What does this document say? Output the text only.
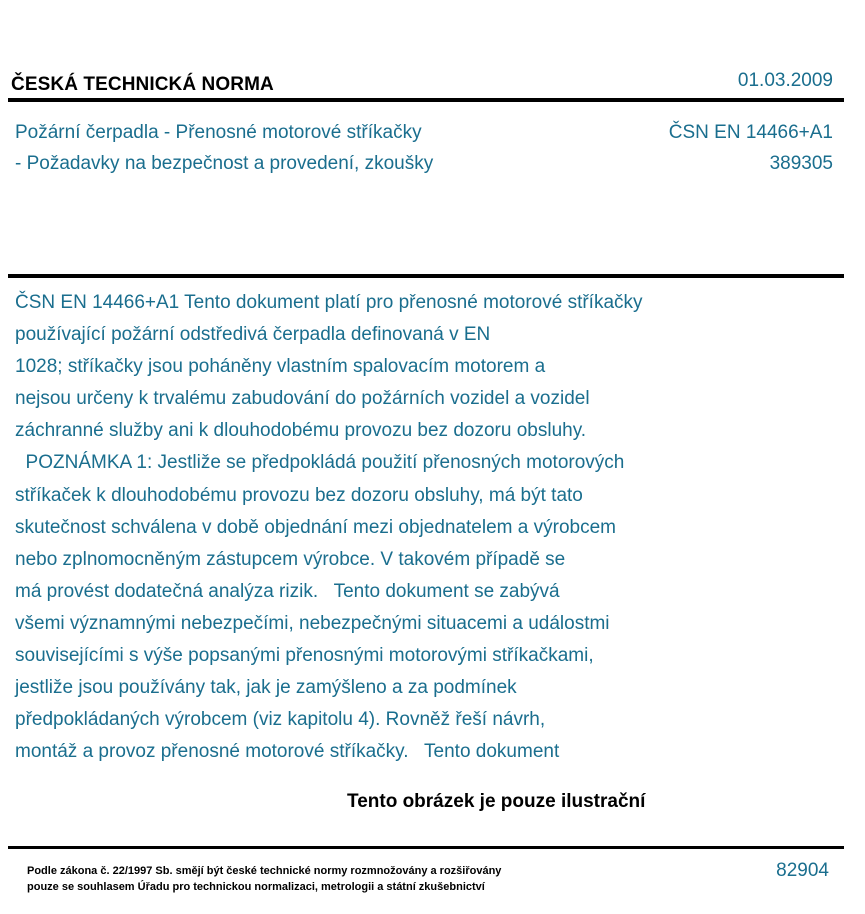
ČESKÁ TECHNICKÁ NORMA	01.03.2009
Požární čerpadla - Přenosné motorové stříkačky
- Požadavky na bezpečnost a provedení, zkoušky
ČSN EN 14466+A1
389305
ČSN EN 14466+A1 Tento dokument platí pro přenosné motorové stříkačky
používající požární odstředivá čerpadla definovaná v EN
1028; stříkačky jsou poháněny vlastním spalovacím motorem a
nejsou určeny k trvalému zabudování do požárních vozidel a vozidel
záchranné služby ani k dlouhodobému provozu bez dozoru obsluhy.
POZNÁMKA 1: Jestliže se předpokládá použití přenosných motorových
stříkaček k dlouhodobému provozu bez dozoru obsluhy, má být tato
skutečnost schválena v době objednání mezi objednatelem a výrobcem
nebo zplnomocněným zástupcem výrobce. V takovém případě se
má provést dodatečná analýza rizik.   Tento dokument se zabývá
všemi významnými nebezpečími, nebezpečnými situacemi a událostmi
souvisejícími s výše popsanými přenosnými motorovými stříkačkami,
jestliže jsou používány tak, jak je zamýšleno a za podmínek
předpokládaných výrobcem (viz kapitolu 4). Rovněž řeší návrh,
montáž a provoz přenosné motorové stříkačky.   Tento dokument
Tento obrázek je pouze ilustrační
Podle zákona č. 22/1997 Sb. smějí být české technické normy rozmnožovány a rozšiřovány
pouze se souhlasem Úřadu pro technickou normalizaci, metrologii a státní zkušebnictví
82904
